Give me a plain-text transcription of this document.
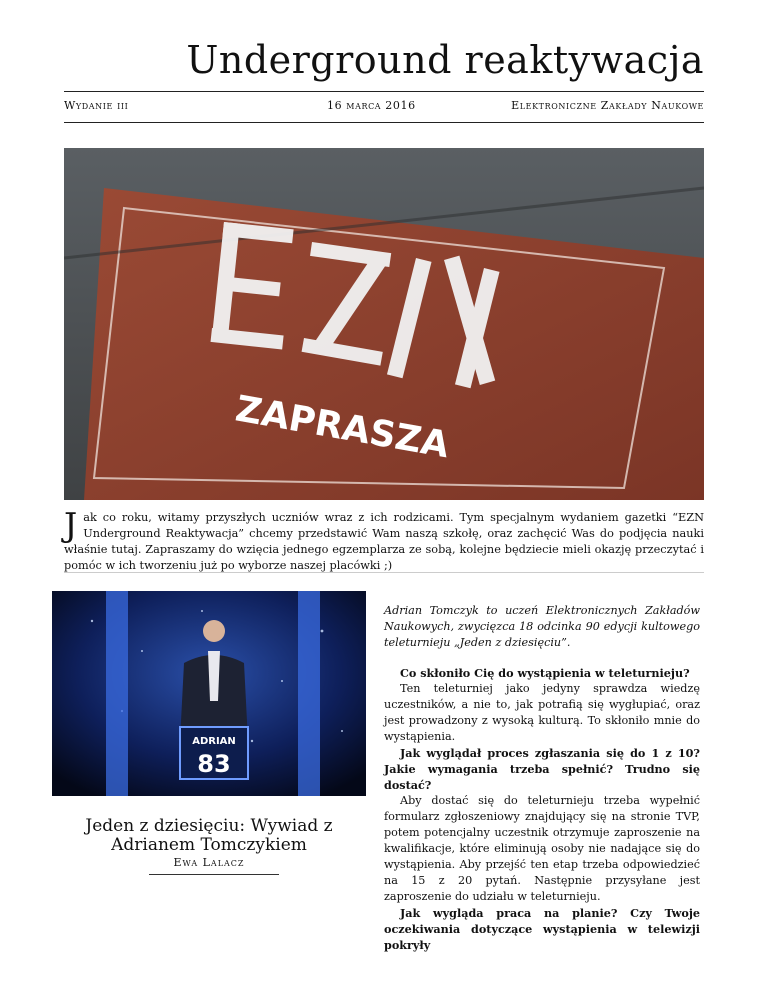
Underground reaktywacja
Wydanie iii	16 marca 2016	Elektroniczne Zakłady Naukowe
ZAPRASZA
J ak co roku, witamy przyszłych uczniów wraz z ich rodzicami. Tym specjalnym wydaniem gazetki “EZN Underground Reaktywacja” chcemy przedstawić Wam naszą szkołę, oraz zachęcić Was do podjęcia nauki właśnie tutaj. Zapraszamy do wzięcia jednego egzemplarza ze sobą, kolejne będziecie mieli okazję przeczytać i pomóc w ich tworzeniu już po wyborze naszej placówki ;)
ADRIAN
83
Jeden z dziesięciu: Wywiad z Adrianem Tomczykiem
Ewa Lalacz

Adrian Tomczyk to uczeń Elektronicznych Zakładów Naukowych, zwycięzca 18 odcinka 90 edycji kultowego teleturnieju „Jeden z dziesięciu”.

Co skłoniło Cię do wystąpienia w teleturnieju?

Ten teleturniej jako jedyny sprawdza wiedzę uczestników, a nie to, jak potrafią się wygłupiać, oraz jest prowadzony z wysoką kulturą. To skłoniło mnie do wystąpienia.

Jak wyglądał proces zgłaszania się do 1 z 10? Jakie wymagania trzeba spełnić? Trudno się dostać?

Aby dostać się do teleturnieju trzeba wypełnić formularz zgłoszeniowy znajdujący się na stronie TVP, potem potencjalny uczestnik otrzymuje zaproszenie na kwalifikacje, które eliminują osoby nie nadające się do wystąpienia. Aby przejść ten etap trzeba odpowiedzieć na 15 z 20 pytań. Następnie przysyłane jest zaproszenie do udziału w teleturnieju.

Jak wygląda praca na planie? Czy Twoje oczekiwania dotyczące wystąpienia w telewizji pokryły
